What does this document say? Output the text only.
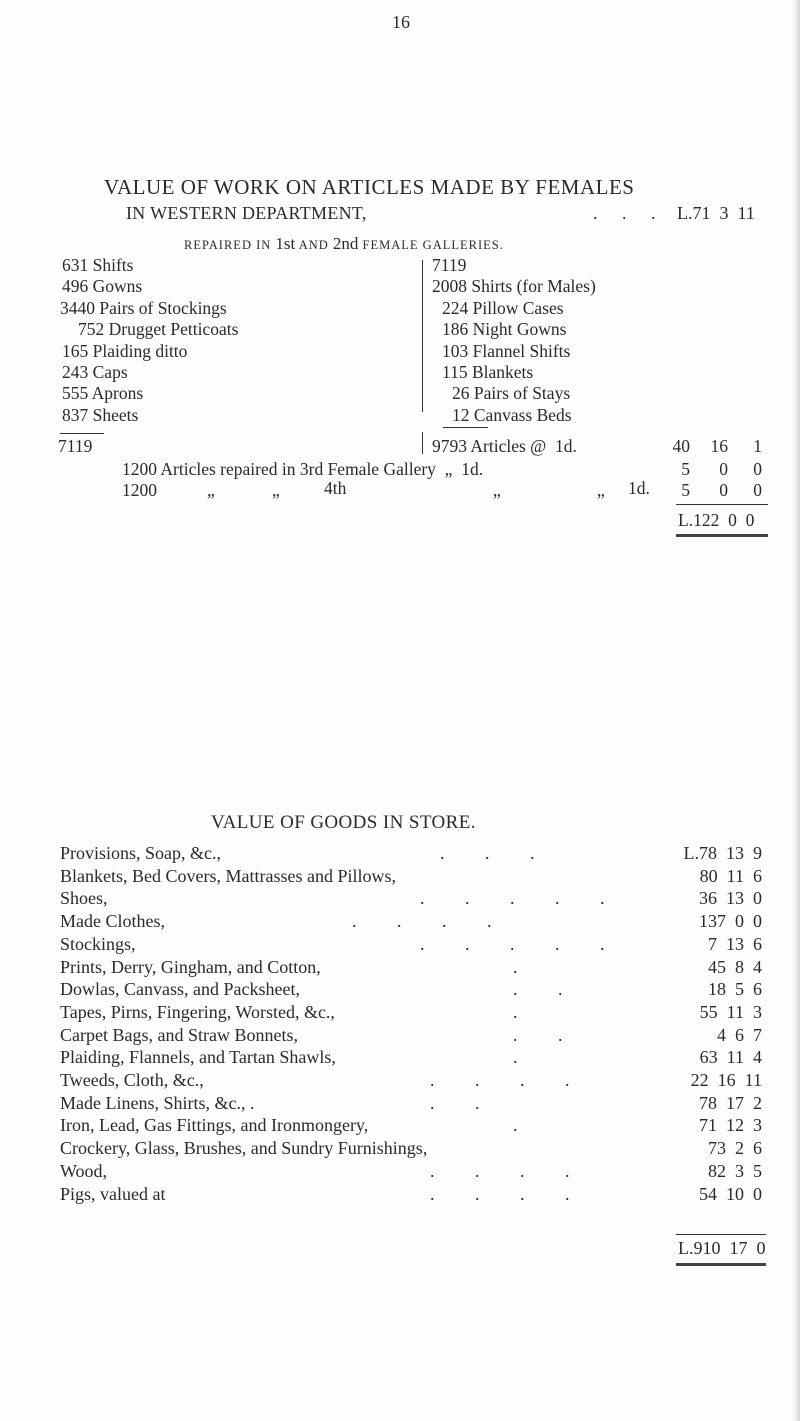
16
VALUE OF WORK ON ARTICLES MADE BY FEMALES
IN WESTERN DEPARTMENT,	. . . L.71  3  11
REPAIRED IN 1st AND 2nd FEMALE GALLERIES.
631 Shifts
496 Gowns
3440 Pairs of Stockings
752 Drugget Petticoats
165 Plaiding ditto
243 Caps
555 Aprons
837 Sheets
7119
7119
2008 Shirts (for Males)
224 Pillow Cases
186 Night Gowns
103 Flannel Shifts
115 Blankets
26 Pairs of Stays
12 Canvass Beds
9793 Articles @  1d.	40	16	1
1200 Articles repaired in 3rd Female Gallery  „  1d.	5	0	0
1200	„	„	4th	„	„ 1d.	5	0	0
L.122  0  0
VALUE OF GOODS IN STORE.
Provisions, Soap, &c.,	. . .	L.78  13  9
Blankets, Bed Covers, Mattrasses and Pillows,	80  11  6
Shoes,	. . . . .	36  13  0
Made Clothes,	. . . .	137  0  0
Stockings,	. . . . .	7  13  6
Prints, Derry, Gingham, and Cotton,	.	45  8  4
Dowlas, Canvass, and Packsheet,	. .	18  5  6
Tapes, Pirns, Fingering, Worsted, &c.,	.	55  11  3
Carpet Bags, and Straw Bonnets,	. .	4  6  7
Plaiding, Flannels, and Tartan Shawls,	.	63  11  4
Tweeds, Cloth, &c.,	. . . .	22  16  11
Made Linens, Shirts, &c., .	. .	78  17  2
Iron, Lead, Gas Fittings, and Ironmongery,	.	71  12  3
Crockery, Glass, Brushes, and Sundry Furnishings,	73  2  6
Wood,	. . . .	82  3  5
Pigs, valued at	. . . .	54  10  0
L.910  17  0
